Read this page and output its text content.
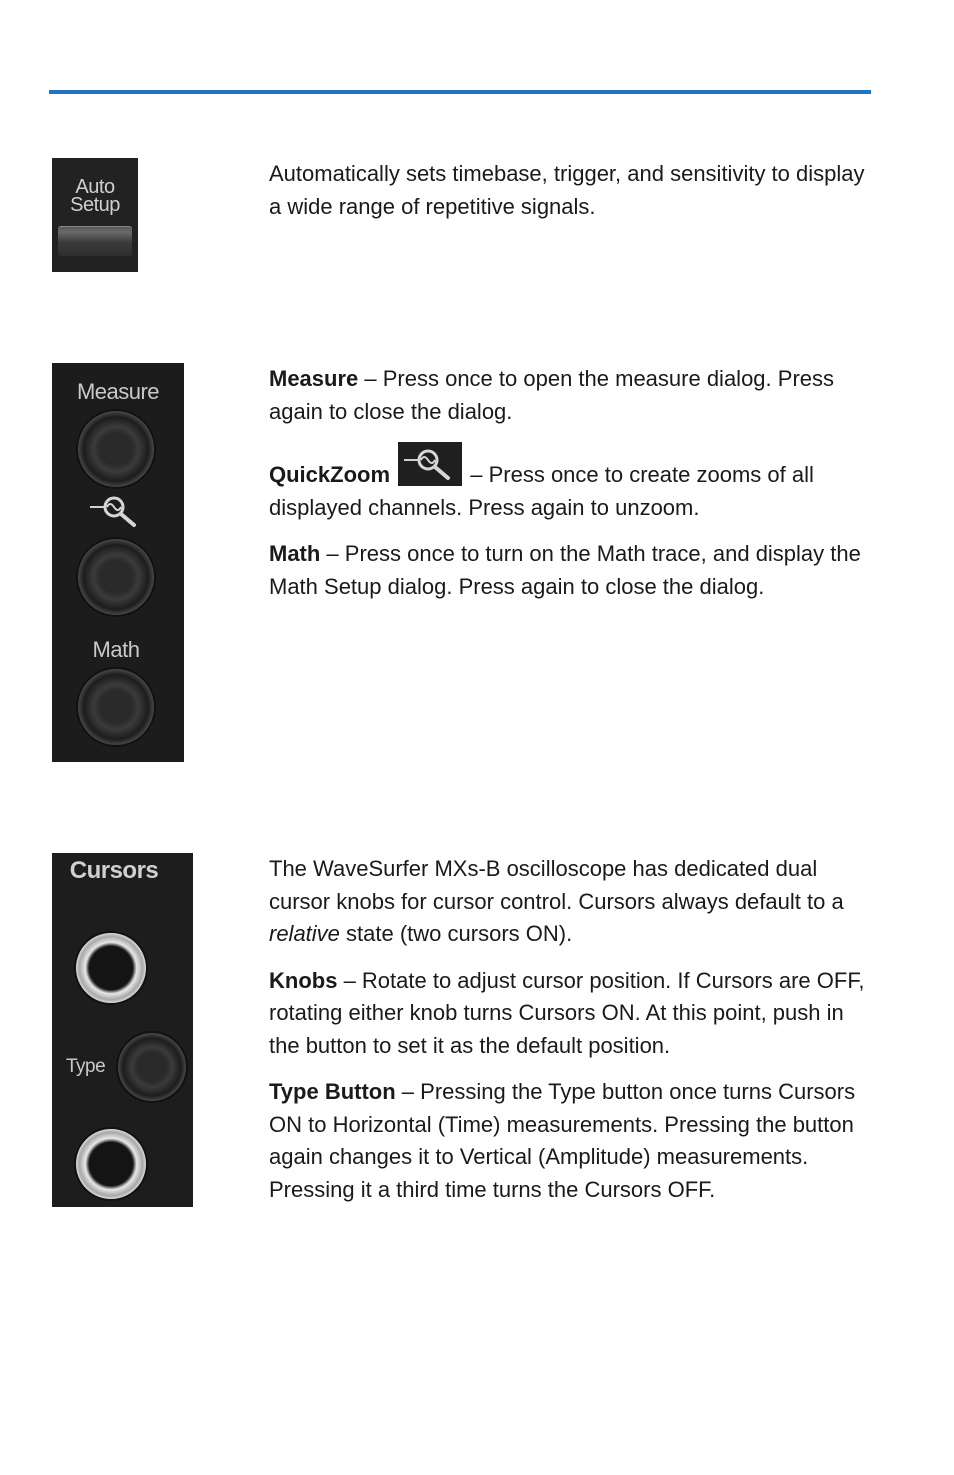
Auto
Setup

Automatically sets timebase, trigger, and sensitivity to display a wide range of repetitive signals.

Measure
Math

Measure – Press once to open the measure dialog. Press again to close the dialog.

QuickZoom	– Press once to create zooms of all displayed channels. Press again to unzoom.

Math – Press once to turn on the Math trace, and display the Math Setup dialog. Press again to close the dialog.

Cursors
Type

The WaveSurfer MXs-B oscilloscope has dedicated dual cursor knobs for cursor control. Cursors always default to a relative state (two cursors ON).

Knobs – Rotate to adjust cursor position. If Cursors are OFF, rotating either knob turns Cursors ON. At this point, push in the button to set it as the default position.

Type Button – Pressing the Type button once turns Cursors ON to Horizontal (Time) measurements. Pressing the button again changes it to Vertical (Amplitude) measurements. Pressing it a third time turns the Cursors OFF.
